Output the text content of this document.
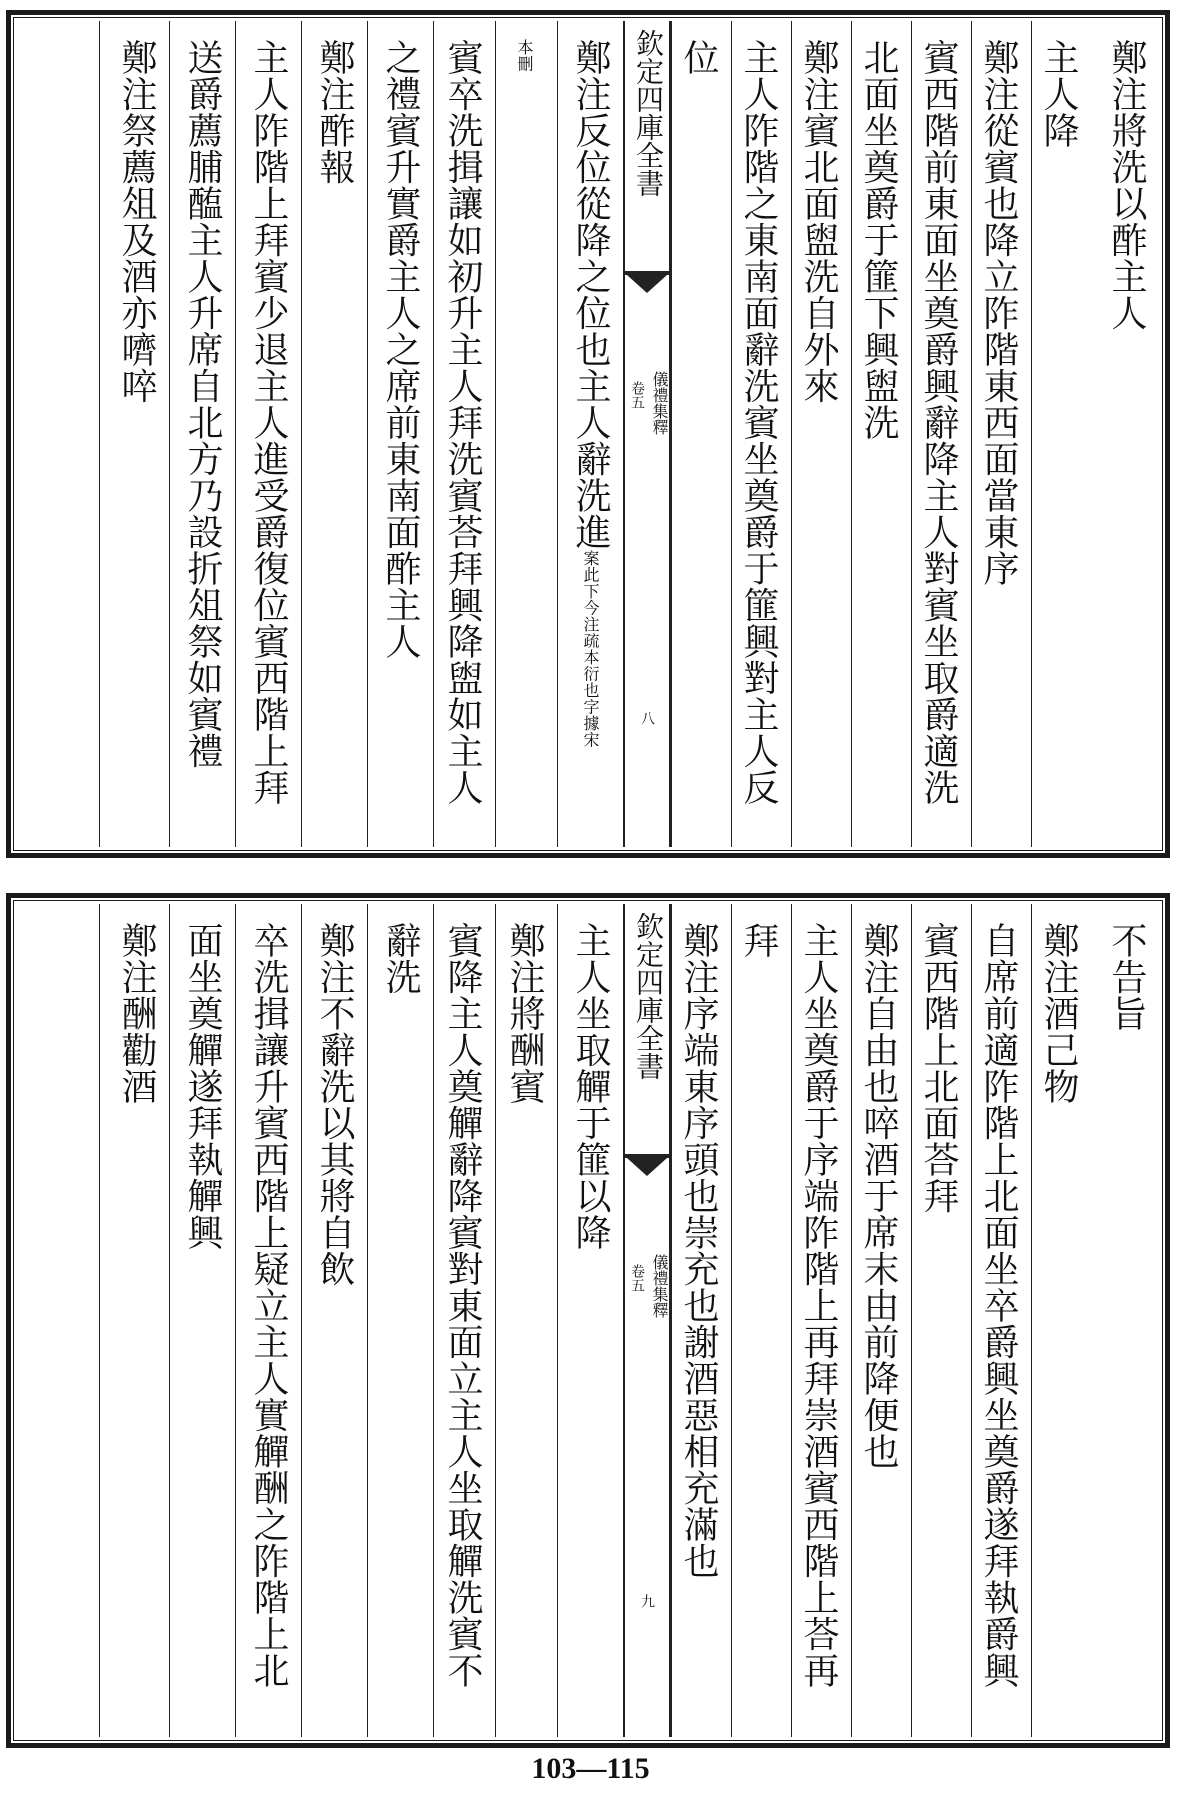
鄭注將洗以酢主人
主人降
鄭注從賓也降立阼階東西面當東序
賓西階前東面坐奠爵興辭降主人對賓坐取爵適洗
北面坐奠爵于篚下興盥洗
鄭注賓北面盥洗自外來
主人阼階之東南面辭洗賓坐奠爵于篚興對主人反
位
欽定四庫全書
儀禮集釋
卷五
八
鄭注反位從降之位也主人辭洗進案此下今注疏本衍也字據宋
本刪
賓卒洗揖讓如初升主人拜洗賓荅拜興降盥如主人
之禮賓升實爵主人之席前東南面酢主人
鄭注酢報
主人阼階上拜賓少退主人進受爵復位賓西階上拜
送爵薦脯醢主人升席自北方乃設折俎祭如賓禮
鄭注祭薦俎及酒亦嚌啐
不告旨
鄭注酒己物
自席前適阼階上北面坐卒爵興坐奠爵遂拜執爵興
賓西階上北面荅拜
鄭注自由也啐酒于席末由前降便也
主人坐奠爵于序端阼階上再拜崇酒賓西階上荅再
拜
鄭注序端東序頭也崇充也謝酒惡相充滿也
欽定四庫全書
儀禮集釋
卷五
九
主人坐取觶于篚以降
鄭注將酬賓
賓降主人奠觶辭降賓對東面立主人坐取觶洗賓不
辭洗
鄭注不辭洗以其將自飲
卒洗揖讓升賓西階上疑立主人實觶酬之阼階上北
面坐奠觶遂拜執觶興
鄭注酬勸酒
103—115
